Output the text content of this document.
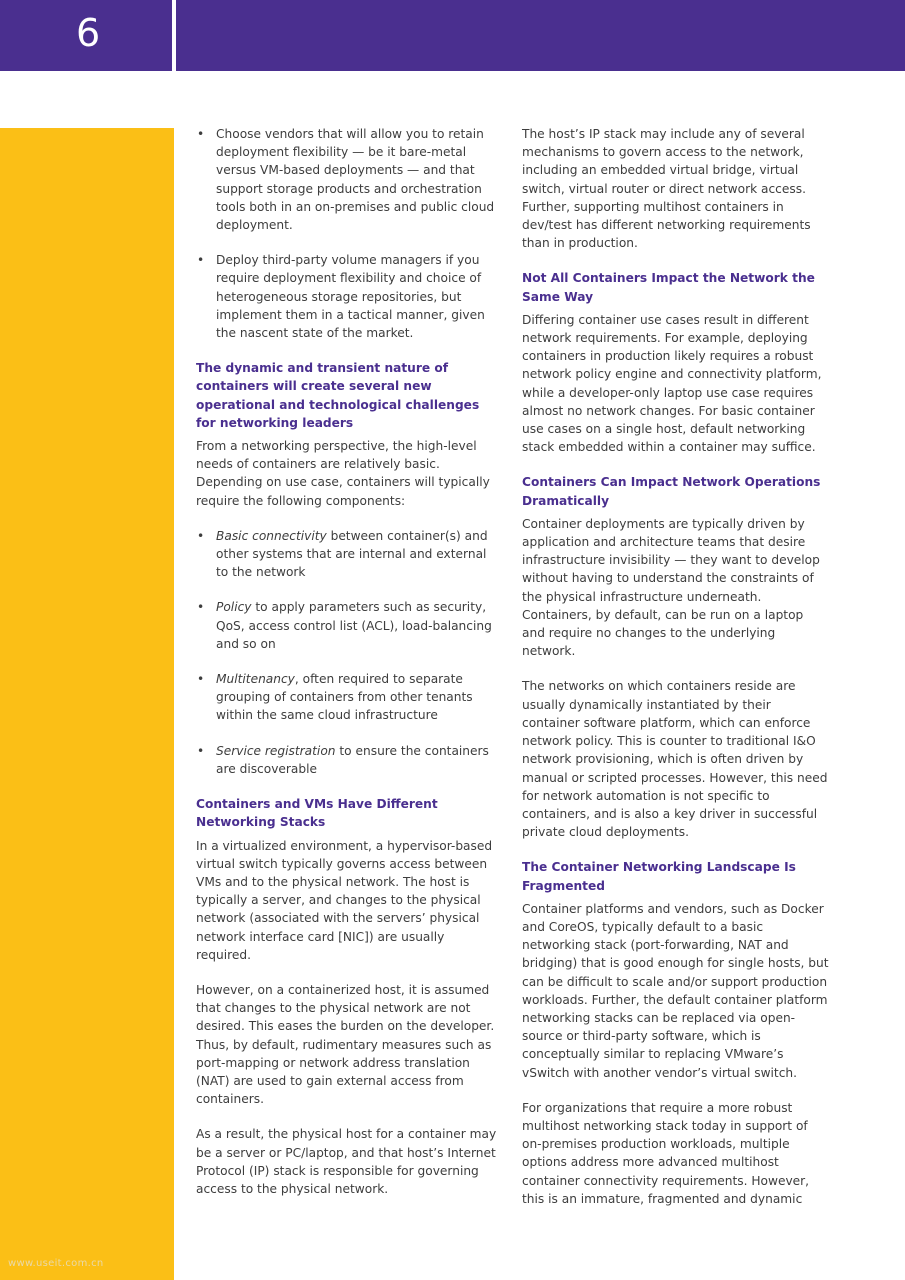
6
www.useit.com.cn
• Choose vendors that will allow you to retain deployment flexibility — be it bare-metal versus VM-based deployments — and that support storage products and orchestration tools both in an on-premises and public cloud deployment.
• Deploy third-party volume managers if you require deployment flexibility and choice of heterogeneous storage repositories, but implement them in a tactical manner, given the nascent state of the market.
The dynamic and transient nature of containers will create several new operational and technological challenges for networking leaders

From a networking perspective, the high-level needs of containers are relatively basic. Depending on use case, containers will typically require the following components:

• Basic connectivity between container(s) and other systems that are internal and external to the network
• Policy to apply parameters such as security, QoS, access control list (ACL), load-balancing and so on
• Multitenancy, often required to separate grouping of containers from other tenants within the same cloud infrastructure
• Service registration to ensure the containers are discoverable
Containers and VMs Have Different Networking Stacks

In a virtualized environment, a hypervisor-based virtual switch typically governs access between VMs and to the physical network. The host is typically a server, and changes to the physical network (associated with the servers’ physical network interface card [NIC]) are usually required.

However, on a containerized host, it is assumed that changes to the physical network are not desired. This eases the burden on the developer. Thus, by default, rudimentary measures such as port-mapping or network address translation (NAT) are used to gain external access from containers.

As a result, the physical host for a container may be a server or PC/laptop, and that host’s Internet Protocol (IP) stack is responsible for governing access to the physical network.

The host’s IP stack may include any of several mechanisms to govern access to the network, including an embedded virtual bridge, virtual switch, virtual router or direct network access. Further, supporting multihost containers in dev/test has different networking requirements than in production.

Not All Containers Impact the Network the Same Way

Differing container use cases result in different network requirements. For example, deploying containers in production likely requires a robust network policy engine and connectivity platform, while a developer-only laptop use case requires almost no network changes. For basic container use cases on a single host, default networking stack embedded within a container may suffice.

Containers Can Impact Network Operations Dramatically

Container deployments are typically driven by application and architecture teams that desire infrastructure invisibility — they want to develop without having to understand the constraints of the physical infrastructure underneath. Containers, by default, can be run on a laptop and require no changes to the underlying network.

The networks on which containers reside are usually dynamically instantiated by their container software platform, which can enforce network policy. This is counter to traditional I&O network provisioning, which is often driven by manual or scripted processes. However, this need for network automation is not specific to containers, and is also a key driver in successful private cloud deployments.

The Container Networking Landscape Is Fragmented

Container platforms and vendors, such as Docker and CoreOS, typically default to a basic networking stack (port-forwarding, NAT and bridging) that is good enough for single hosts, but can be difficult to scale and/or support production workloads. Further, the default container platform networking stacks can be replaced via open-source or third-party software, which is conceptually similar to replacing VMware’s vSwitch with another vendor’s virtual switch.

For organizations that require a more robust multihost networking stack today in support of on-premises production workloads, multiple options address more advanced multihost container connectivity requirements. However, this is an immature, fragmented and dynamic
